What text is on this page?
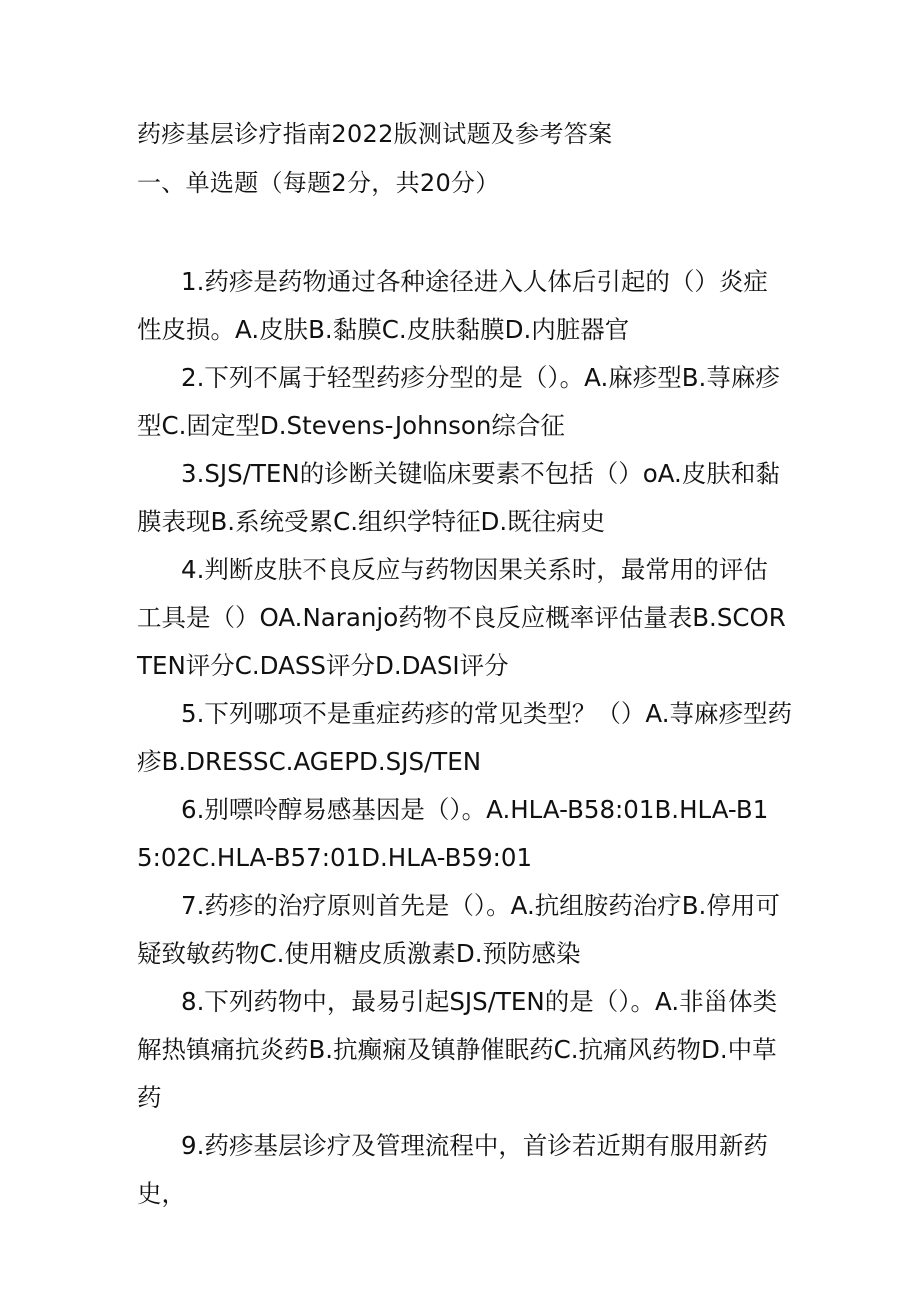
药疹基层诊疗指南2022版测试题及参考答案
一、单选题（每题2分，共20分）

1.药疹是药物通过各种途径进入人体后引起的（）炎症性皮损。A.皮肤B.黏膜C.皮肤黏膜D.内脏器官

2.下列不属于轻型药疹分型的是（）。A.麻疹型B.荨麻疹型C.固定型D.Stevens-Johnson综合征

3.SJS/TEN的诊断关键临床要素不包括（）oA.皮肤和黏膜表现B.系统受累C.组织学特征D.既往病史

4.判断皮肤不良反应与药物因果关系时，最常用的评估工具是（）OA.Naranjo药物不良反应概率评估量表B.SCORTEN评分C.DASS评分D.DASI评分

5.下列哪项不是重症药疹的常见类型？（）A.荨麻疹型药疹B.DRESSC.AGEPD.SJS/TEN

6.别嘌呤醇易感基因是（）。A.HLA-B58:01B.HLA-B15:02C.HLA-B57:01D.HLA-B59:01

7.药疹的治疗原则首先是（）。A.抗组胺药治疗B.停用可疑致敏药物C.使用糖皮质激素D.预防感染

8.下列药物中，最易引起SJS/TEN的是（）。A.非甾体类解热镇痛抗炎药B.抗癫痫及镇静催眠药C.抗痛风药物D.中草药

9.药疹基层诊疗及管理流程中，首诊若近期有服用新药史，
